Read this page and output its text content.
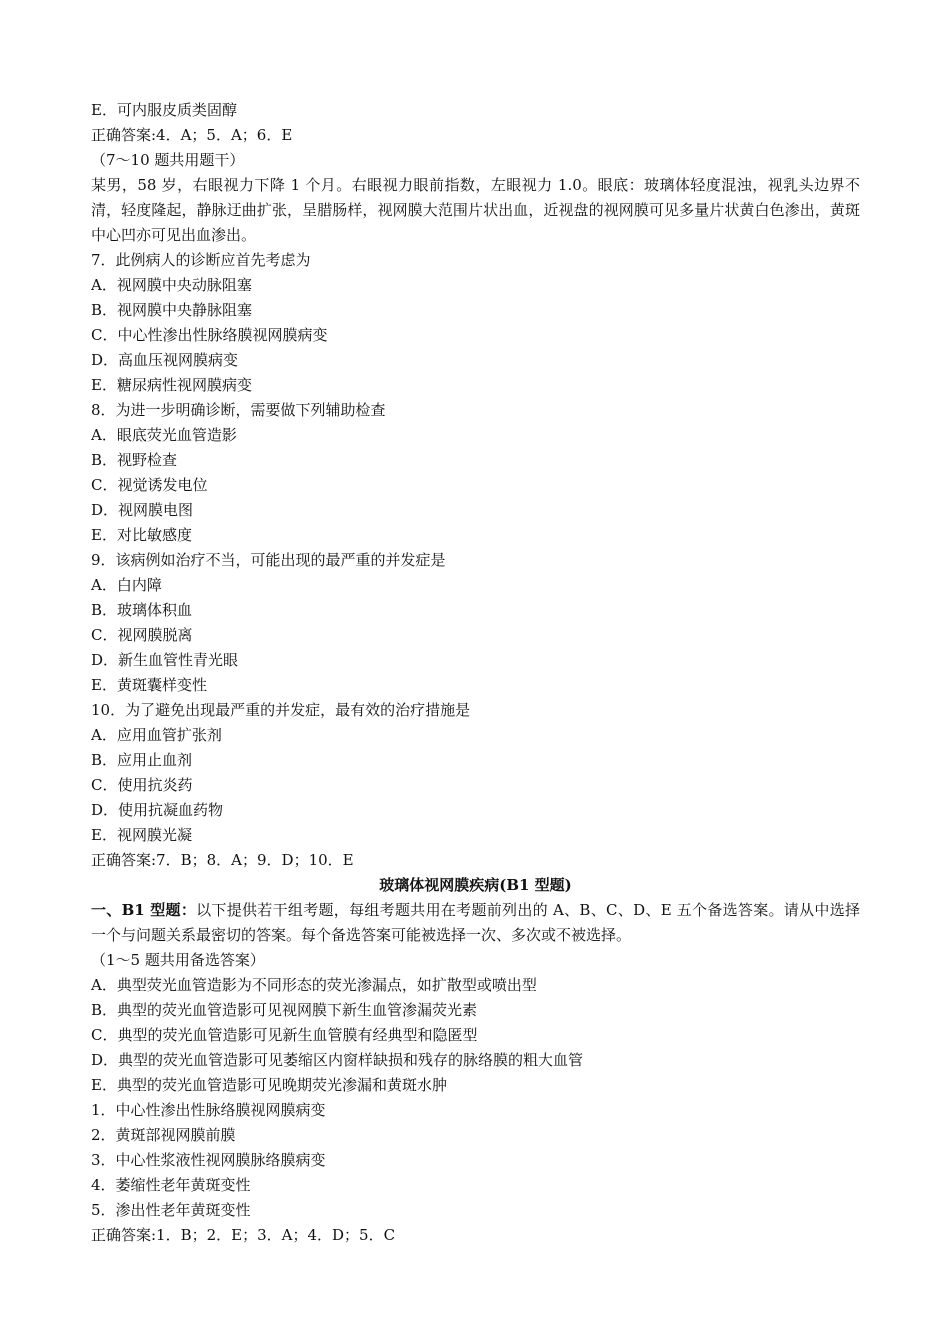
E．可内服皮质类固醇
正确答案:4．A；5．A；6．E
（7～10 题共用题干）
某男，58 岁，右眼视力下降 1 个月。右眼视力眼前指数，左眼视力 1.0。眼底：玻璃体轻度混浊，视乳头边界不清，轻度隆起，静脉迂曲扩张，呈腊肠样，视网膜大范围片状出血，近视盘的视网膜可见多量片状黄白色渗出，黄斑中心凹亦可见出血渗出。
7．此例病人的诊断应首先考虑为
A．视网膜中央动脉阻塞
B．视网膜中央静脉阻塞
C．中心性渗出性脉络膜视网膜病变
D．高血压视网膜病变
E．糖尿病性视网膜病变
8．为进一步明确诊断，需要做下列辅助检查
A．眼底荧光血管造影
B．视野检查
C．视觉诱发电位
D．视网膜电图
E．对比敏感度
9．该病例如治疗不当，可能出现的最严重的并发症是
A．白内障
B．玻璃体积血
C．视网膜脱离
D．新生血管性青光眼
E．黄斑囊样变性
10．为了避免出现最严重的并发症，最有效的治疗措施是
A．应用血管扩张剂
B．应用止血剂
C．使用抗炎药
D．使用抗凝血药物
E．视网膜光凝
正确答案:7．B；8．A；9．D；10．E
玻璃体视网膜疾病(B1 型题)
一、B1 型题：以下提供若干组考题，每组考题共用在考题前列出的 A、B、C、D、E 五个备选答案。请从中选择一个与问题关系最密切的答案。每个备选答案可能被选择一次、多次或不被选择。
（1～5 题共用备选答案）
A．典型荧光血管造影为不同形态的荧光渗漏点，如扩散型或喷出型
B．典型的荧光血管造影可见视网膜下新生血管渗漏荧光素
C．典型的荧光血管造影可见新生血管膜有经典型和隐匿型
D．典型的荧光血管造影可见萎缩区内窗样缺损和残存的脉络膜的粗大血管
E．典型的荧光血管造影可见晚期荧光渗漏和黄斑水肿
1．中心性渗出性脉络膜视网膜病变
2．黄斑部视网膜前膜
3．中心性浆液性视网膜脉络膜病变
4．萎缩性老年黄斑变性
5．渗出性老年黄斑变性
正确答案:1．B；2．E；3．A；4．D；5．C
